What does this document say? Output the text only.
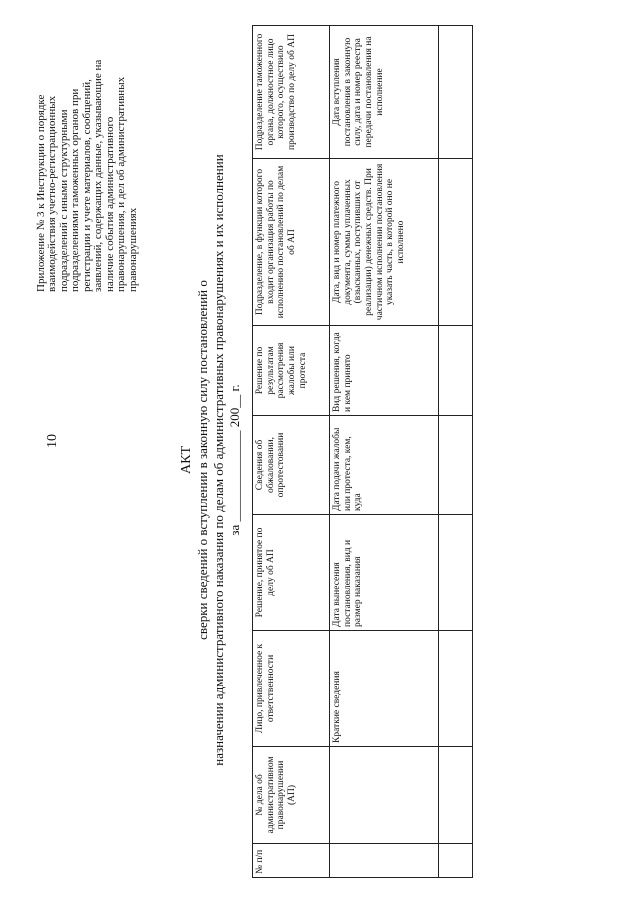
10
Приложение № 3 к Инструкции о порядке взаимодействия учетно-регистрационных подразделений с иными структурными подразделениями таможенных органов при регистрации и учете материалов, сообщений, заявлений, содержащих данные, указывающие на наличие события административного правонарушения, и дел об административных правонарушениях
АКТ сверки сведений о вступлении в законную силу постановлений о назначении административного наказания по делам об административных правонарушениях и их исполнении за ______________ 200__ г.
№ п/п	№ дела об административном правонарушении (АП)	Лицо, привлеченное к ответственности	Решение, принятое по делу об АП	Сведения об обжаловании, опротестовании	Решение по результатам рассмотрения жалобы или протеста	Подразделение, в функции которого входит организация работы по исполнению постановлений по делам об АП	Подразделение таможенного органа, должностное лицо которого, осуществило производство по делу об АП
		Краткие сведения	Дата вынесения постановления, вид и размер наказания	Дата подачи жалобы или протеста, кем, куда	Вид решения, когда и кем принято	Дата, вид и номер платежного документа, суммы уплаченных (взысканных, поступивших от реализации) денежных средств. При частичном исполнении постановления указать часть, в которой оно не исполнено	Дата вступления постановления в законную силу, дата и номер реестра передачи постановления на исполнение
